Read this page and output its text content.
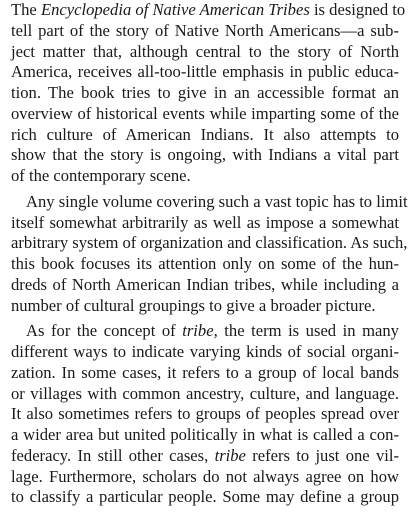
The Encyclopedia of Native American Tribes is designed to
tell part of the story of Native North Americans—a sub-
ject matter that, although central to the story of North
America, receives all-too-little emphasis in public educa-
tion. The book tries to give in an accessible format an
overview of historical events while imparting some of the
rich culture of American Indians. It also attempts to
show that the story is ongoing, with Indians a vital part
of the contemporary scene.
Any single volume covering such a vast topic has to limit
itself somewhat arbitrarily as well as impose a somewhat
arbitrary system of organization and classification. As such,
this book focuses its attention only on some of the hun-
dreds of North American Indian tribes, while including a
number of cultural groupings to give a broader picture.
As for the concept of tribe, the term is used in many
different ways to indicate varying kinds of social organi-
zation. In some cases, it refers to a group of local bands
or villages with common ancestry, culture, and language.
It also sometimes refers to groups of peoples spread over
a wider area but united politically in what is called a con-
federacy. In still other cases, tribe refers to just one vil-
lage. Furthermore, scholars do not always agree on how
to classify a particular people. Some may define a group
